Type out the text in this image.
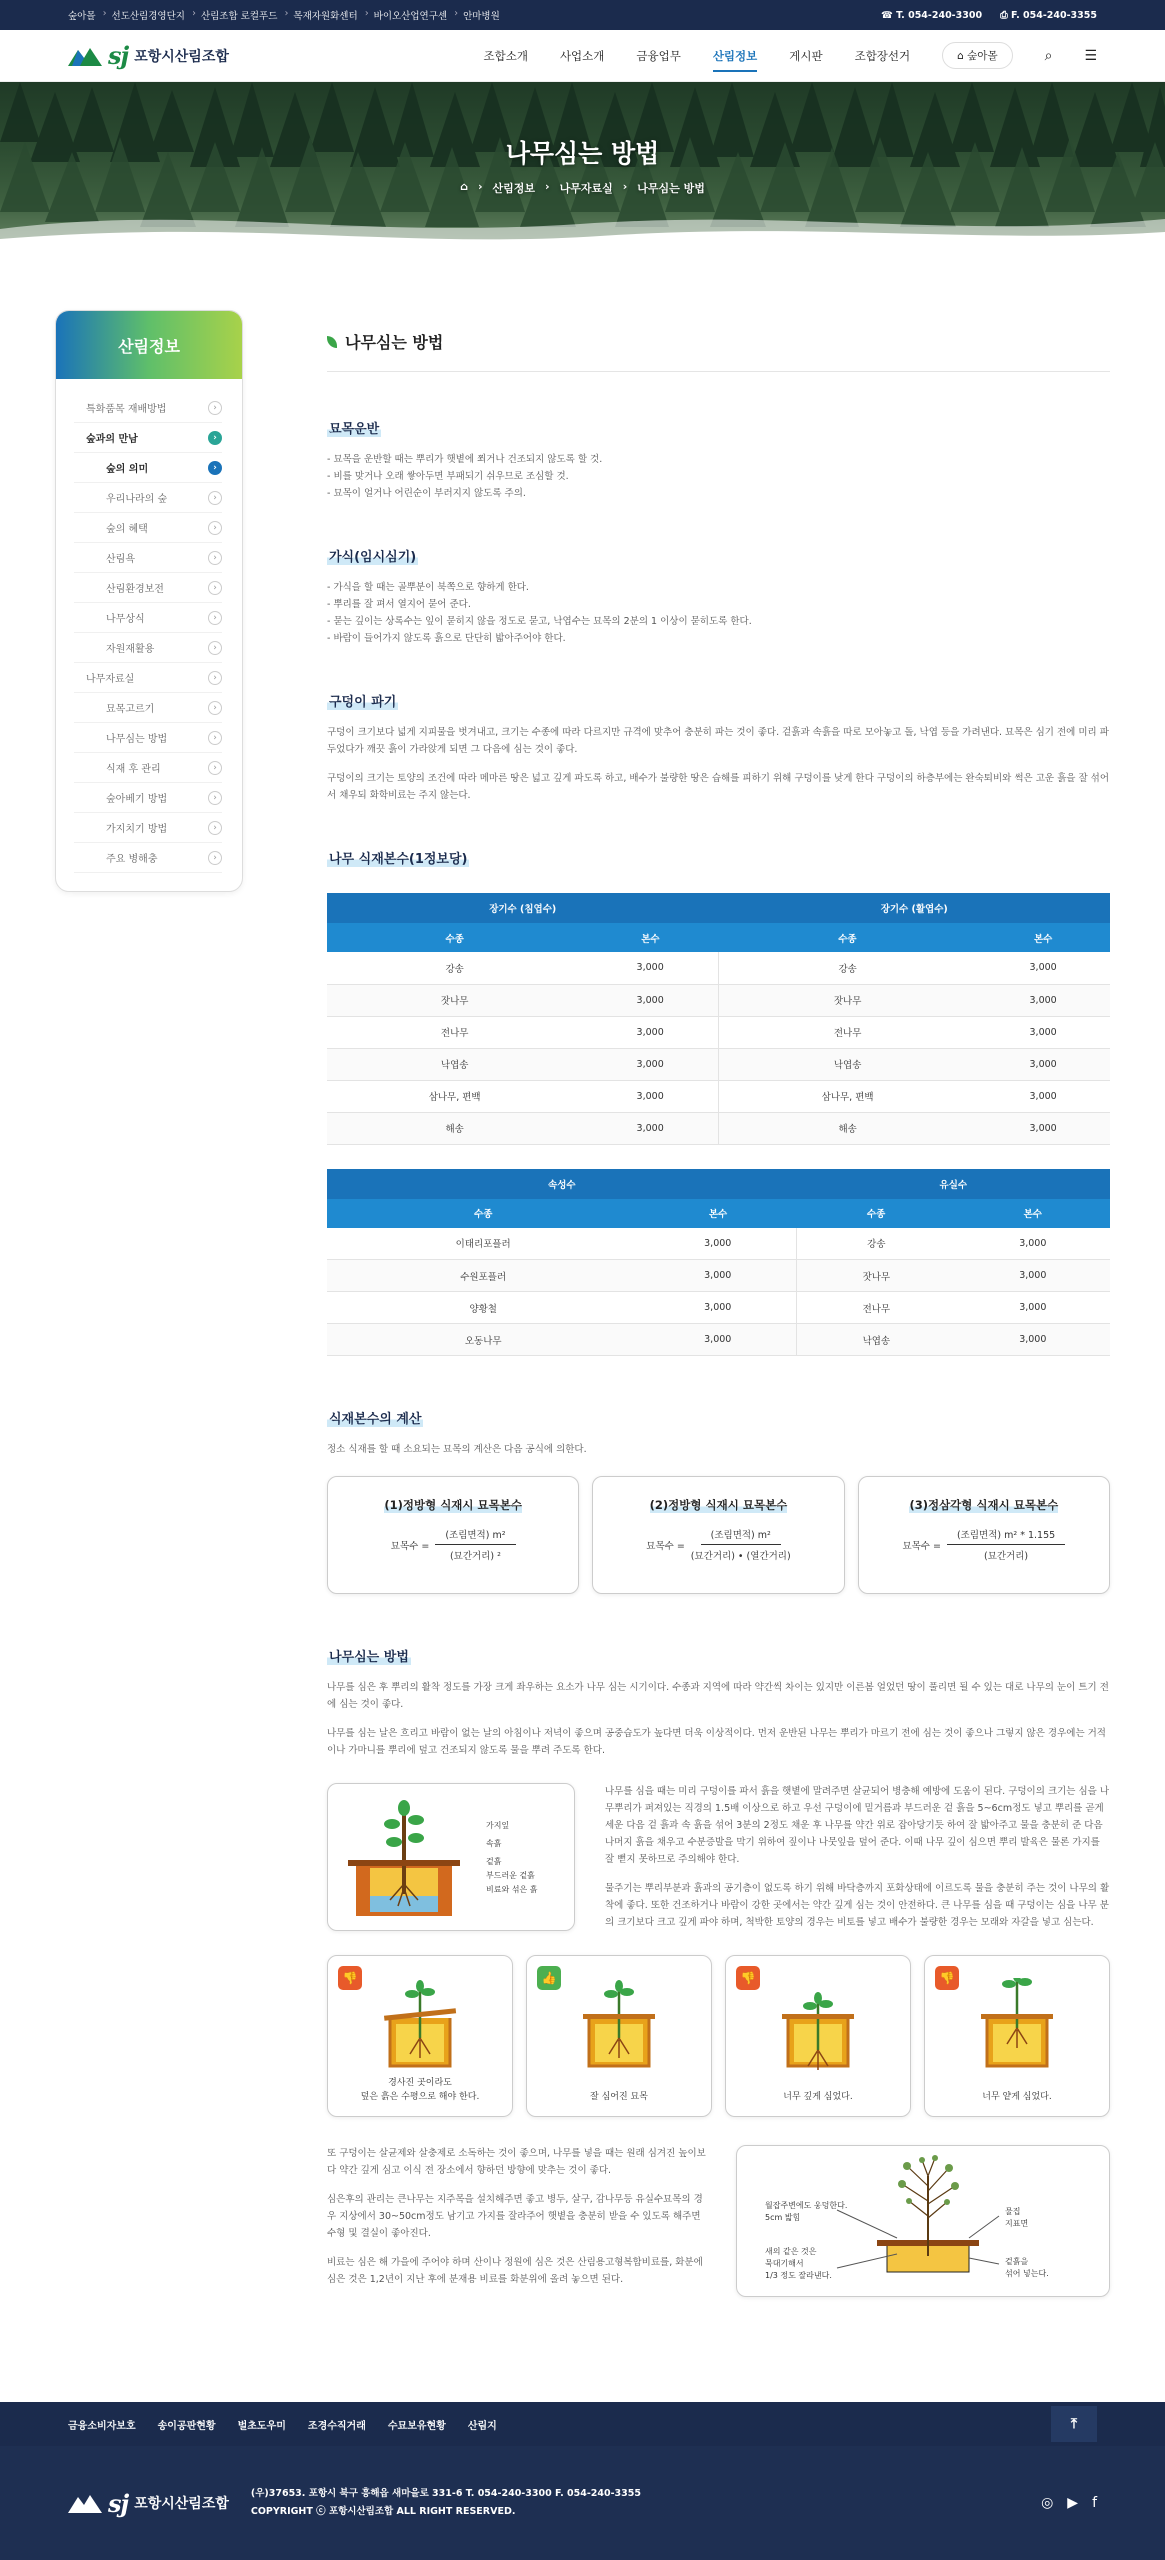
숲아몰 ›	선도산림경영단지 ›	산림조합 로컬푸드 ›	목재자원화센터 ›	바이오산업연구센 ›	안마병원	☎ T. 054-240-3300 ⎙ F. 054-240-3355
sj 포항시산림조합	조합소개	사업소개	금융업무	산림정보	게시판	조합장선거	⌂ 숲아몰	⌕ ☰
나무심는 방법
⌂ › 산림정보 › 나무자료실 › 나무심는 방법
산림정보
특화품목 재배방법	›
숲과의 만남	›
숲의 의미	›
우리나라의 숲	›
숲의 혜택	›
산림욕	›
산림환경보전	›
나무상식	›
자원재활용	›
나무자료실	›
묘목고르기	›
나무심는 방법	›
식재 후 관리	›
숲아베기 방법	›
가지치기 방법	›
주요 병해충	›
나무심는 방법
묘목운반

- 묘목을 운반할 때는 뿌리가 햇볕에 쬐거나 건조되지 않도록 할 것.
- 비를 맞거나 오래 쌓아두면 부패되기 쉬우므로 조심할 것.
- 묘목이 얼거나 어린순이 부러지지 않도록 주의.

가식(임시심기)

- 가식을 할 때는 골뿌분이 북쪽으로 향하게 한다.
- 뿌리를 잘 펴서 열지어 묻어 준다.
- 묻는 깊이는 상록수는 잎이 묻히지 않을 정도로 묻고, 낙엽수는 묘목의 2분의 1 이상이 묻히도록 한다.
- 바람이 들어가지 않도록 흙으로 단단히 밟아주어야 한다.

구덩이 파기

구덩이 크기보다 넓게 지피물을 벗겨내고, 크기는 수종에 따라 다르지만 규격에 맞추어 충분히 파는 것이 좋다. 겉흙과 속흙을 따로 모아놓고 돌, 낙엽 등을 가려낸다. 묘목은 심기 전에 미리 파두었다가 깨끗 흙이 가라앉게 되면 그 다음에 심는 것이 좋다.

구덩이의 크기는 토양의 조건에 따라 메마른 땅은 넓고 깊게 파도록 하고, 배수가 불량한 땅은 습해를 피하기 위해 구덩이를 낮게 한다 구덩이의 하층부에는 완숙퇴비와 썩은 고운 흙을 잘 섞어서 채우되 화학비료는 주지 않는다.

나무 식재본수(1정보당)
장기수 (침엽수)		장기수 (활엽수)	
수종	본수	수종	본수
강송	3,000	강송	3,000
잣나무	3,000	잣나무	3,000
전나무	3,000	전나무	3,000
낙엽송	3,000	낙엽송	3,000
삼나무, 편백	3,000	삼나무, 편백	3,000
해송	3,000	해송	3,000
속성수		유실수	
수종	본수	수종	본수
이태리포플러	3,000	강송	3,000
수원포플러	3,000	잣나무	3,000
양황철	3,000	전나무	3,000
오동나무	3,000	낙엽송	3,000
식재본수의 계산

정소 식재를 할 때 소요되는 묘목의 계산은 다음 공식에 의한다.

(1)정방형 식재시 묘목본수
묘목수 =
(조림면적) m²
(묘간거리) ²
(2)정방형 식재시 묘목본수
묘목수 =
(조림면적) m²
(묘간거리) • (열간거리)
(3)정삼각형 식재시 묘목본수
묘목수 =
(조림면적) m² * 1.155
(묘간거리)
나무심는 방법

나무를 심은 후 뿌리의 활착 정도를 가장 크게 좌우하는 요소가 나무 심는 시기이다. 수종과 지역에 따라 약간씩 차이는 있지만 이른봄 얼었던 땅이 풀리면 될 수 있는 대로 나무의 눈이 트기 전에 심는 것이 좋다.

나무를 심는 날은 흐리고 바람이 없는 날의 아침이나 저녁이 좋으며 공중습도가 높다면 더욱 이상적이다. 먼저 운반된 나무는 뿌리가 마르기 전에 심는 것이 좋으나 그렇지 않은 경우에는 거적이나 가마니를 뿌리에 덮고 건조되지 않도록 물을 뿌려 주도록 한다.

가지잎
속흙
겉흙
부드러운 겉흙
비료와 섞은 흙

나무를 심을 때는 미리 구덩이를 파서 흙을 햇볕에 말려주면 살균되어 병충해 예방에 도움이 된다. 구덩이의 크기는 심을 나무뿌리가 퍼져있는 직경의 1.5배 이상으로 하고 우선 구덩이에 밑거름과 부드러운 겉 흙을 5~6cm정도 넣고 뿌리를 곧게 세운 다음 겉 흙과 속 흙을 섞어 3분의 2정도 채운 후 나무를 약간 위로 잡아당기듯 하여 잘 밟아주고 물을 충분히 준 다음 나머지 흙을 채우고 수분증발을 막기 위하여 짚이나 나뭇잎을 덮어 준다. 이때 나무 깊이 심으면 뿌리 발육은 물론 가지를 잘 뻗지 못하므로 주의해야 한다.

물주기는 뿌리부분과 흙과의 공기층이 없도록 하기 위해 바닥층까지 포화상태에 이르도록 물을 충분히 주는 것이 나무의 활착에 좋다. 또한 건조하거나 바람이 강한 곳에서는 약간 깊게 심는 것이 안전하다. 큰 나무를 심을 때 구덩이는 심을 나무 분의 크기보다 크고 깊게 파야 하며, 척박한 토양의 경우는 비토를 넣고 배수가 불량한 경우는 모래와 자갈을 넣고 심는다.

👎
경사진 곳이라도
덮은 흙은 수평으로 해야 한다.
👍
잘 심어진 묘목
👎
너무 깊게 심었다.
👎
너무 얕게 심었다.

또 구덩이는 살균제와 살충제로 소독하는 것이 좋으며, 나무를 넣을 때는 원래 심겨진 높이보다 약간 깊게 심고 이식 전 장소에서 향하던 방향에 맞추는 것이 좋다.

심은후의 관리는 큰나무는 지주목을 설치해주면 좋고 병두, 살구, 감나무등 유실수묘목의 경우 지상에서 30~50cm정도 남기고 가지를 잘라주어 햇볕을 충분히 받을 수 있도록 해주면 수형 및 결실이 좋아진다.

비료는 심은 해 가을에 주어야 하며 산이나 정원에 심은 것은 산림용고형복합비료를, 화분에 심은 것은 1,2년이 지난 후에 분재용 비료를 화분위에 올려 놓으면 된다.

월잡주변에도 웅덩한다.
5cm 밟힘
새의 같은 것은
묵대기해서
1/3 정도 잘라낸다.
물집
지표면
겉흙을
섞어 넣는다.
금융소비자보호 송이공판현황 벌초도우미 조경수직거래 수묘보유현황 산림지	⤒
sj 포항시산림조합
(우)37653. 포항시 북구 흥해읍 새마을로 331-6 T. 054-240-3300 F. 054-240-3355
COPYRIGHT ⓒ 포항시산림조합 ALL RIGHT RESERVED.
◎ ▶ f
